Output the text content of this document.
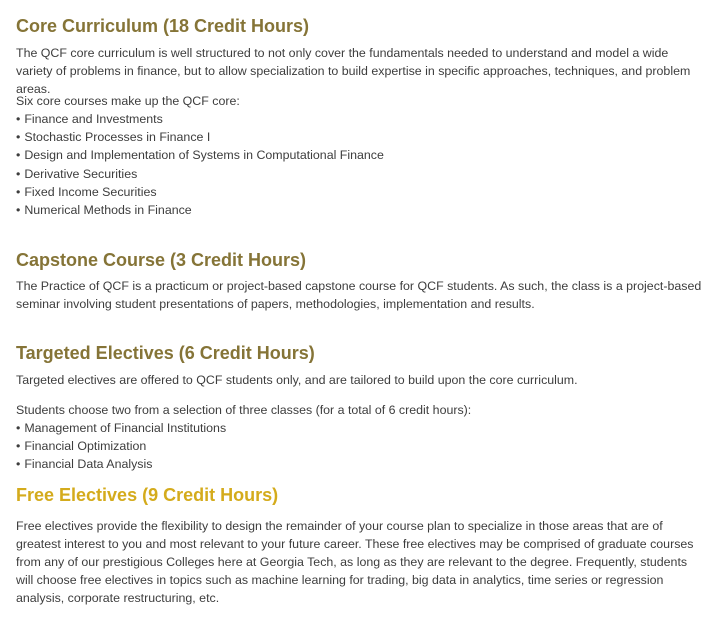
Core Curriculum (18 Credit Hours)

The QCF core curriculum is well structured to not only cover the fundamentals needed to understand and model a wide variety of problems in finance, but to allow specialization to build expertise in specific approaches, techniques, and problem areas.

Six core courses make up the QCF core:

• Finance and Investments
• Stochastic Processes in Finance I
• Design and Implementation of Systems in Computational Finance
• Derivative Securities
• Fixed Income Securities
• Numerical Methods in Finance
Capstone Course (3 Credit Hours)

The Practice of QCF is a practicum or project-based capstone course for QCF students. As such, the class is a project-based seminar involving student presentations of papers, methodologies, implementation and results.

Targeted Electives (6 Credit Hours)

Targeted electives are offered to QCF students only, and are tailored to build upon the core curriculum.

Students choose two from a selection of three classes (for a total of 6 credit hours):

• Management of Financial Institutions
• Financial Optimization
• Financial Data Analysis
Free Electives (9 Credit Hours)

Free electives provide the flexibility to design the remainder of your course plan to specialize in those areas that are of greatest interest to you and most relevant to your future career. These free electives may be comprised of graduate courses from any of our prestigious Colleges here at Georgia Tech, as long as they are relevant to the degree. Frequently, students will choose free electives in topics such as machine learning for trading, big data in analytics, time series or regression analysis, corporate restructuring, etc.
